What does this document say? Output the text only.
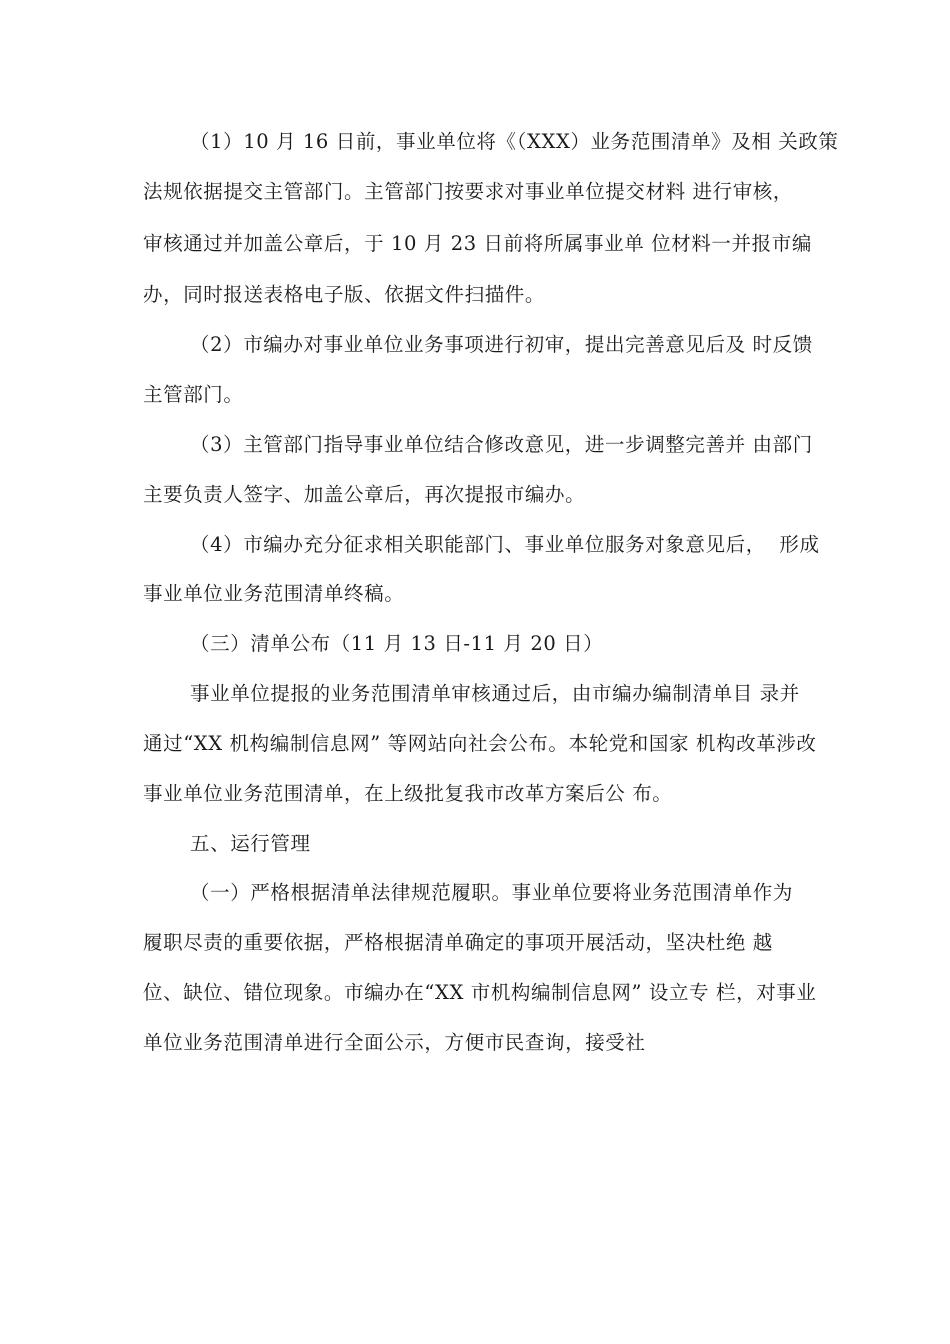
（1）10 月 16 日前，事业单位将《（XXX）业务范围清单》及相 关政策
法规依据提交主管部门。主管部门按要求对事业单位提交材料 进行审核，
审核通过并加盖公章后，于 10 月 23 日前将所属事业单 位材料一并报市编
办，同时报送表格电子版、依据文件扫描件。
（2）市编办对事业单位业务事项进行初审，提出完善意见后及 时反馈
主管部门。
（3）主管部门指导事业单位结合修改意见，进一步调整完善并 由部门
主要负责人签字、加盖公章后，再次提报市编办。
（4）市编办充分征求相关职能部门、事业单位服务对象意见后，  形成
事业单位业务范围清单终稿。
（三）清单公布（11 月 13 日-11 月 20 日）
事业单位提报的业务范围清单审核通过后，由市编办编制清单目 录并
通过“XX 机构编制信息网” 等网站向社会公布。本轮党和国家 机构改革涉改
事业单位业务范围清单，在上级批复我市改革方案后公 布。
五、运行管理
（一）严格根据清单法律规范履职。事业单位要将业务范围清单作为
履职尽责的重要依据，严格根据清单确定的事项开展活动，坚决杜绝 越
位、缺位、错位现象。市编办在“XX 市机构编制信息网” 设立专 栏，对事业
单位业务范围清单进行全面公示，方便市民查询，接受社
